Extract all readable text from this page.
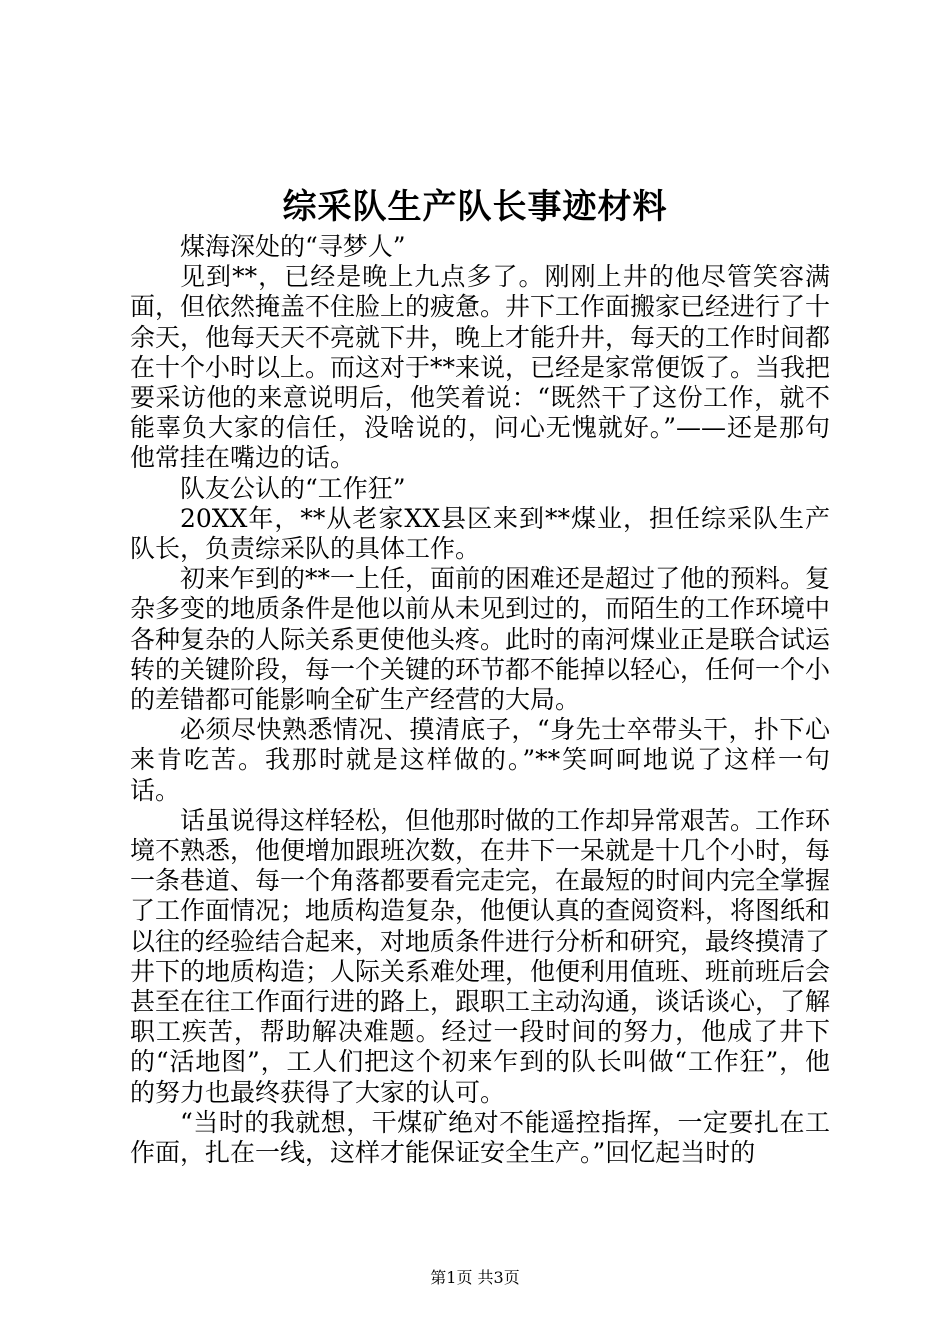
综采队生产队长事迹材料

煤海深处的“寻梦人”

见到**，已经是晚上九点多了。刚刚上井的他尽管笑容满面，但依然掩盖不住脸上的疲惫。井下工作面搬家已经进行了十余天，他每天天不亮就下井，晚上才能升井，每天的工作时间都在十个小时以上。而这对于**来说，已经是家常便饭了。当我把要采访他的来意说明后，他笑着说：“既然干了这份工作，就不能辜负大家的信任，没啥说的，问心无愧就好。”——还是那句他常挂在嘴边的话。

队友公认的“工作狂”

20XX年，**从老家XX县区来到**煤业，担任综采队生产队长，负责综采队的具体工作。

初来乍到的**一上任，面前的困难还是超过了他的预料。复杂多变的地质条件是他以前从未见到过的，而陌生的工作环境中各种复杂的人际关系更使他头疼。此时的南河煤业正是联合试运转的关键阶段，每一个关键的环节都不能掉以轻心，任何一个小的差错都可能影响全矿生产经营的大局。

必须尽快熟悉情况、摸清底子，“身先士卒带头干，扑下心来肯吃苦。我那时就是这样做的。”**笑呵呵地说了这样一句话。

话虽说得这样轻松，但他那时做的工作却异常艰苦。工作环境不熟悉，他便增加跟班次数，在井下一呆就是十几个小时，每一条巷道、每一个角落都要看完走完，在最短的时间内完全掌握了工作面情况；地质构造复杂，他便认真的查阅资料，将图纸和以往的经验结合起来，对地质条件进行分析和研究，最终摸清了井下的地质构造；人际关系难处理，他便利用值班、班前班后会甚至在往工作面行进的路上，跟职工主动沟通，谈话谈心，了解职工疾苦，帮助解决难题。经过一段时间的努力，他成了井下的“活地图”，工人们把这个初来乍到的队长叫做“工作狂”，他的努力也最终获得了大家的认可。

“当时的我就想，干煤矿绝对不能遥控指挥，一定要扎在工作面，扎在一线，这样才能保证安全生产。”回忆起当时的

第1页 共3页
